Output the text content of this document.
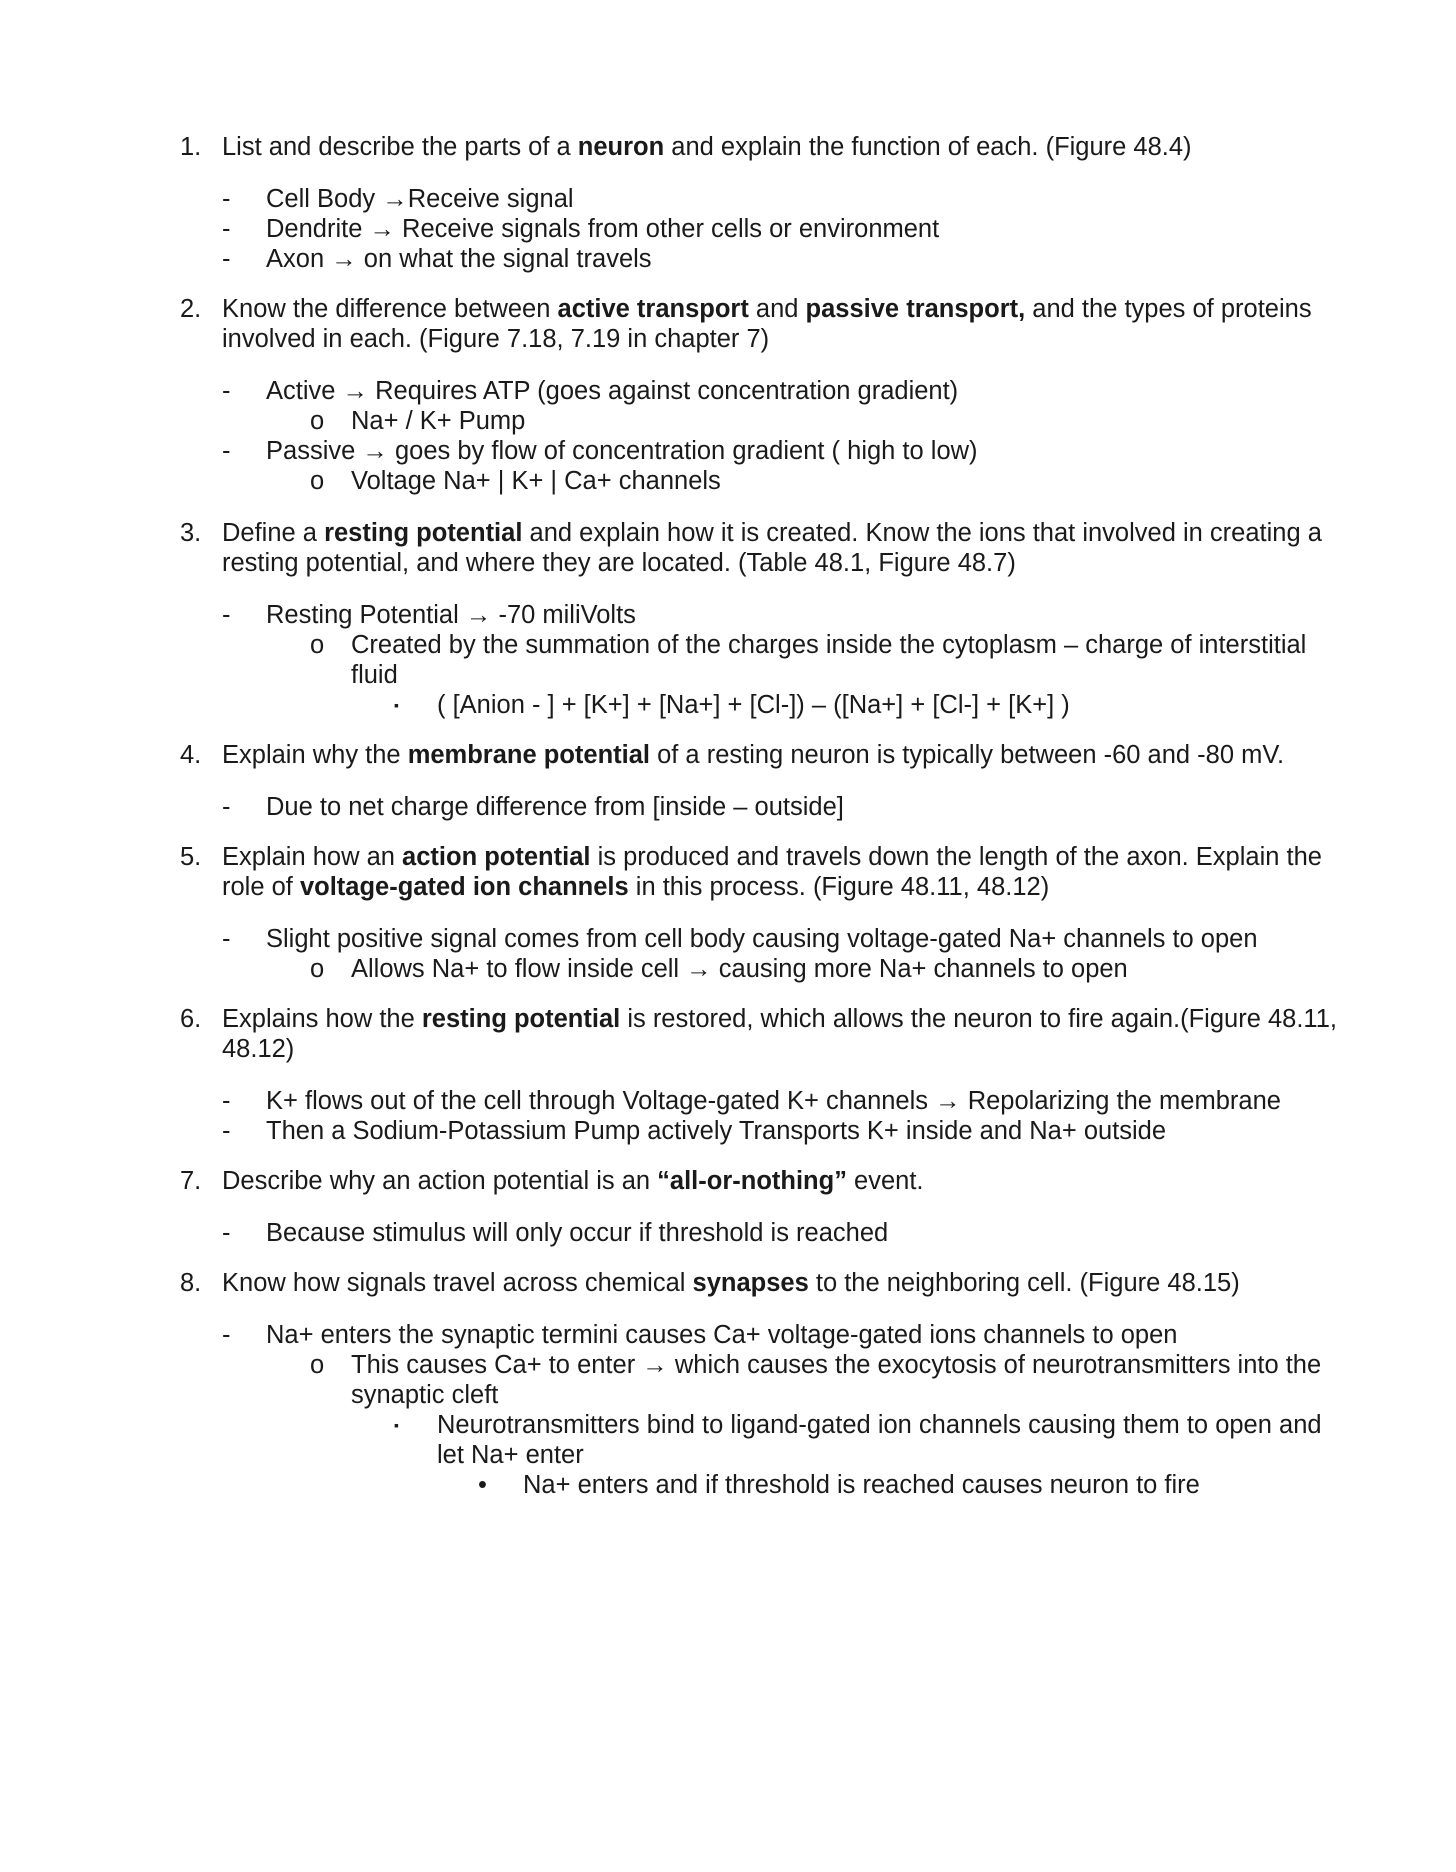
1. List and describe the parts of a neuron and explain the function of each. (Figure 48.4)
- Cell Body →Receive signal
- Dendrite → Receive signals from other cells or environment
- Axon → on what the signal travels
2. Know the difference between active transport and passive transport, and the types of proteins involved in each. (Figure 7.18, 7.19 in chapter 7)
- Active → Requires ATP (goes against concentration gradient)
o Na+ / K+ Pump
- Passive → goes by flow of concentration gradient ( high to low)
o Voltage Na+ | K+ | Ca+ channels
3. Define a resting potential and explain how it is created. Know the ions that involved in creating a resting potential, and where they are located. (Table 48.1, Figure 48.7)
- Resting Potential → -70 miliVolts
o Created by the summation of the charges inside the cytoplasm – charge of interstitial fluid
▪ ( [Anion - ] + [K+] + [Na+] + [Cl-]) – ([Na+] + [Cl-] + [K+] )
4. Explain why the membrane potential of a resting neuron is typically between -60 and -80 mV.
- Due to net charge difference from [inside – outside]
5. Explain how an action potential is produced and travels down the length of the axon. Explain the role of voltage-gated ion channels in this process. (Figure 48.11, 48.12)
- Slight positive signal comes from cell body causing voltage-gated Na+ channels to open
o Allows Na+ to flow inside cell → causing more Na+ channels to open
6. Explains how the resting potential is restored, which allows the neuron to fire again.(Figure 48.11, 48.12)
- K+ flows out of the cell through Voltage-gated K+ channels → Repolarizing the membrane
- Then a Sodium-Potassium Pump actively Transports K+ inside and Na+ outside
7. Describe why an action potential is an “all-or-nothing” event.
- Because stimulus will only occur if threshold is reached
8. Know how signals travel across chemical synapses to the neighboring cell. (Figure 48.15)
- Na+ enters the synaptic termini causes Ca+ voltage-gated ions channels to open
o This causes Ca+ to enter → which causes the exocytosis of neurotransmitters into the synaptic cleft
▪ Neurotransmitters bind to ligand-gated ion channels causing them to open and let Na+ enter
• Na+ enters and if threshold is reached causes neuron to fire
